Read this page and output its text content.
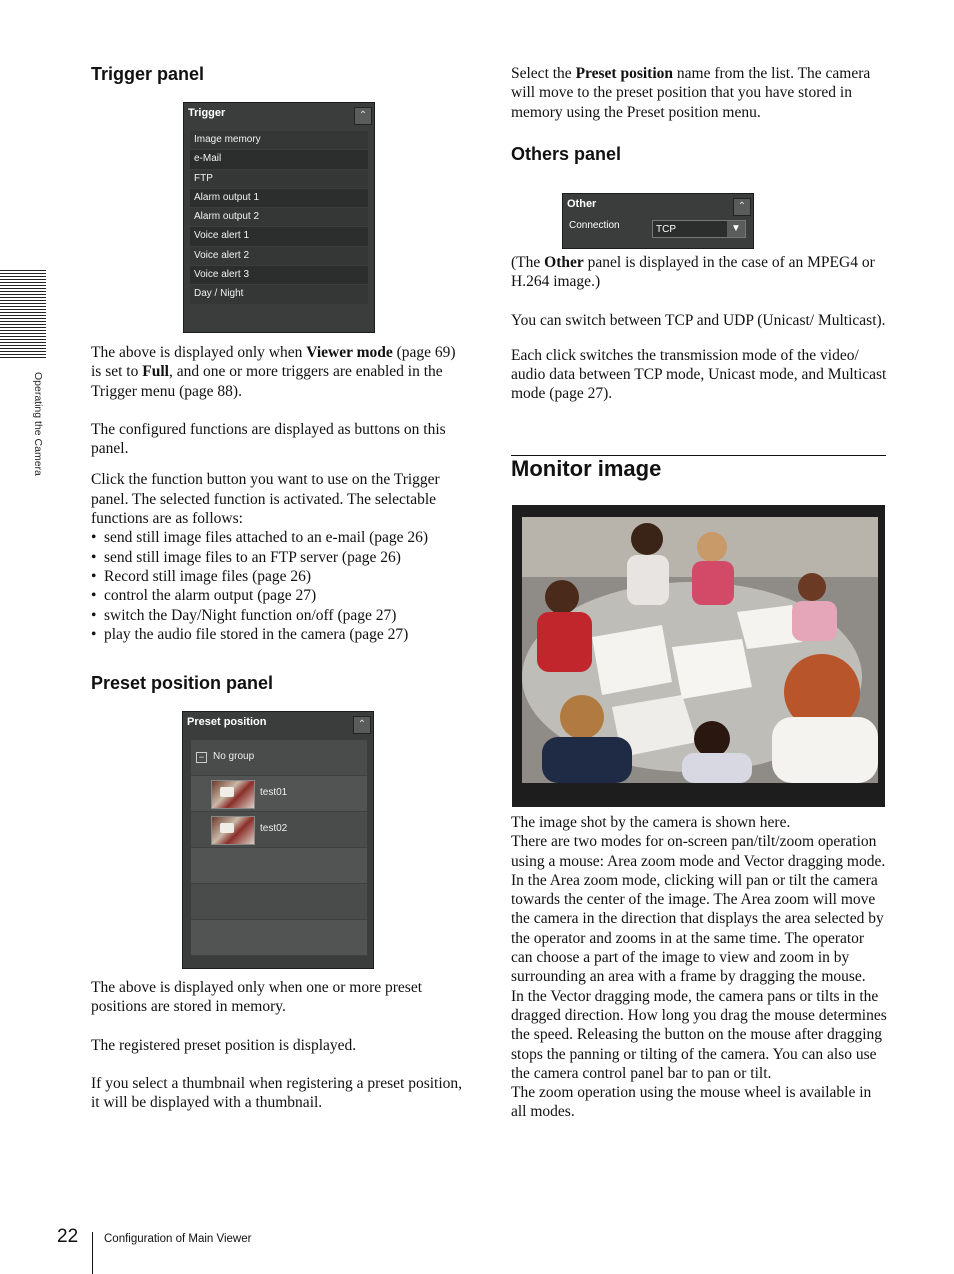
Operating the Camera
Trigger panel
Trigger	⌃
Image memory
e-Mail
FTP
Alarm output 1
Alarm output 2
Voice alert 1
Voice alert 2
Voice alert 3
Day / Night

The above is displayed only when Viewer mode (page 69) is set to Full, and one or more triggers are enabled in the Trigger menu (page 88).

The configured functions are displayed as buttons on this panel.

Click the function button you want to use on the Trigger panel. The selected function is activated. The selectable functions are as follows:

• send still image files attached to an e-mail (page 26)
• send still image files to an FTP server (page 26)
• Record still image files (page 26)
• control the alarm output (page 27)
• switch the Day/Night function on/off (page 27)
• play the audio file stored in the camera (page 27)
Preset position panel
Preset position	⌃
− No group
test01
test02

The above is displayed only when one or more preset positions are stored in memory.

The registered preset position is displayed.

If you select a thumbnail when registering a preset position, it will be displayed with a thumbnail.

Select the Preset position name from the list. The camera will move to the preset position that you have stored in memory using the Preset position menu.

Others panel
Other	⌃
Connection	TCP	▼

(The Other panel is displayed in the case of an MPEG4 or H.264 image.)

You can switch between TCP and UDP (Unicast/ Multicast).

Each click switches the transmission mode of the video/ audio data between TCP mode, Unicast mode, and Multicast mode (page 27).

Monitor image

The image shot by the camera is shown here.

There are two modes for on-screen pan/tilt/zoom operation using a mouse: Area zoom mode and Vector dragging mode.

In the Area zoom mode, clicking will pan or tilt the camera towards the center of the image. The Area zoom will move the camera in the direction that displays the area selected by the operator and zooms in at the same time. The operator can choose a part of the image to view and zoom in by surrounding an area with a frame by dragging the mouse.

In the Vector dragging mode, the camera pans or tilts in the dragged direction. How long you drag the mouse determines the speed. Releasing the button on the mouse after dragging stops the panning or tilting of the camera. You can also use the camera control panel bar to pan or tilt.

The zoom operation using the mouse wheel is available in all modes.

22 Configuration of Main Viewer
